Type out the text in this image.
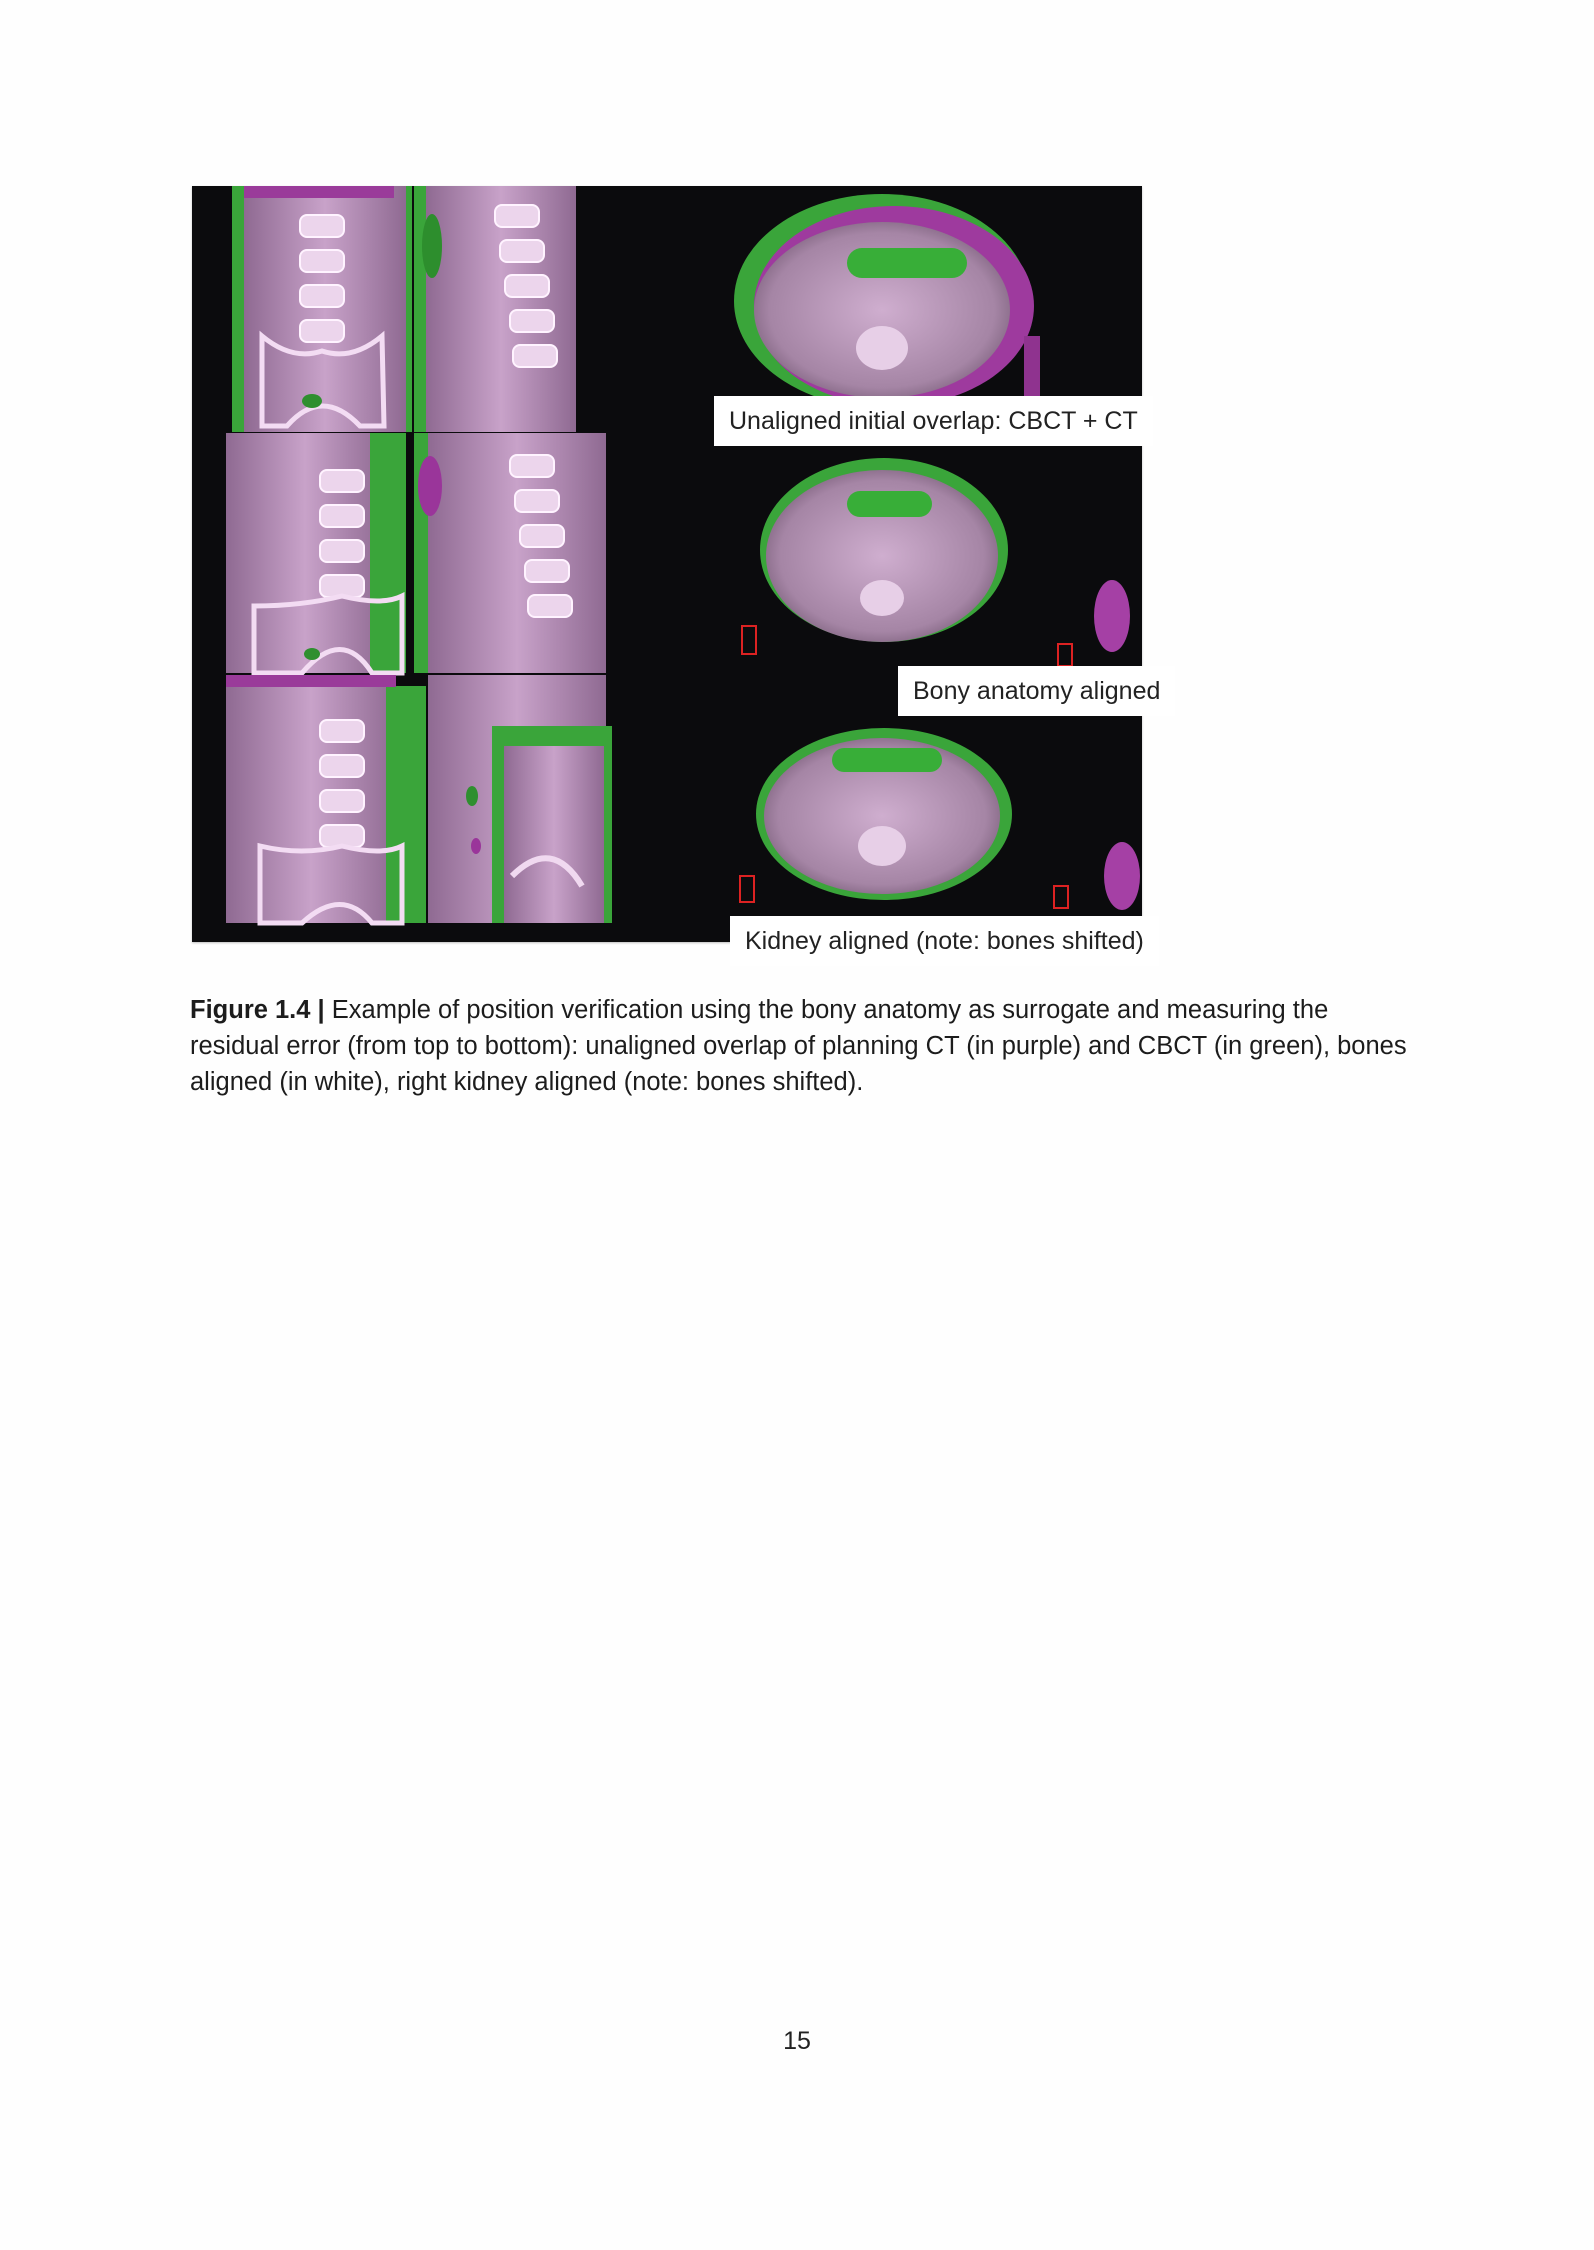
Unaligned initial overlap: CBCT + CT
Bony anatomy aligned
Kidney aligned (note: bones shifted)
Figure 1.4 | Example of position verification using the bony anatomy as surrogate and measuring the residual error (from top to bottom): unaligned overlap of planning CT (in purple) and CBCT (in green), bones aligned (in white), right kidney aligned (note: bones shifted).
15
